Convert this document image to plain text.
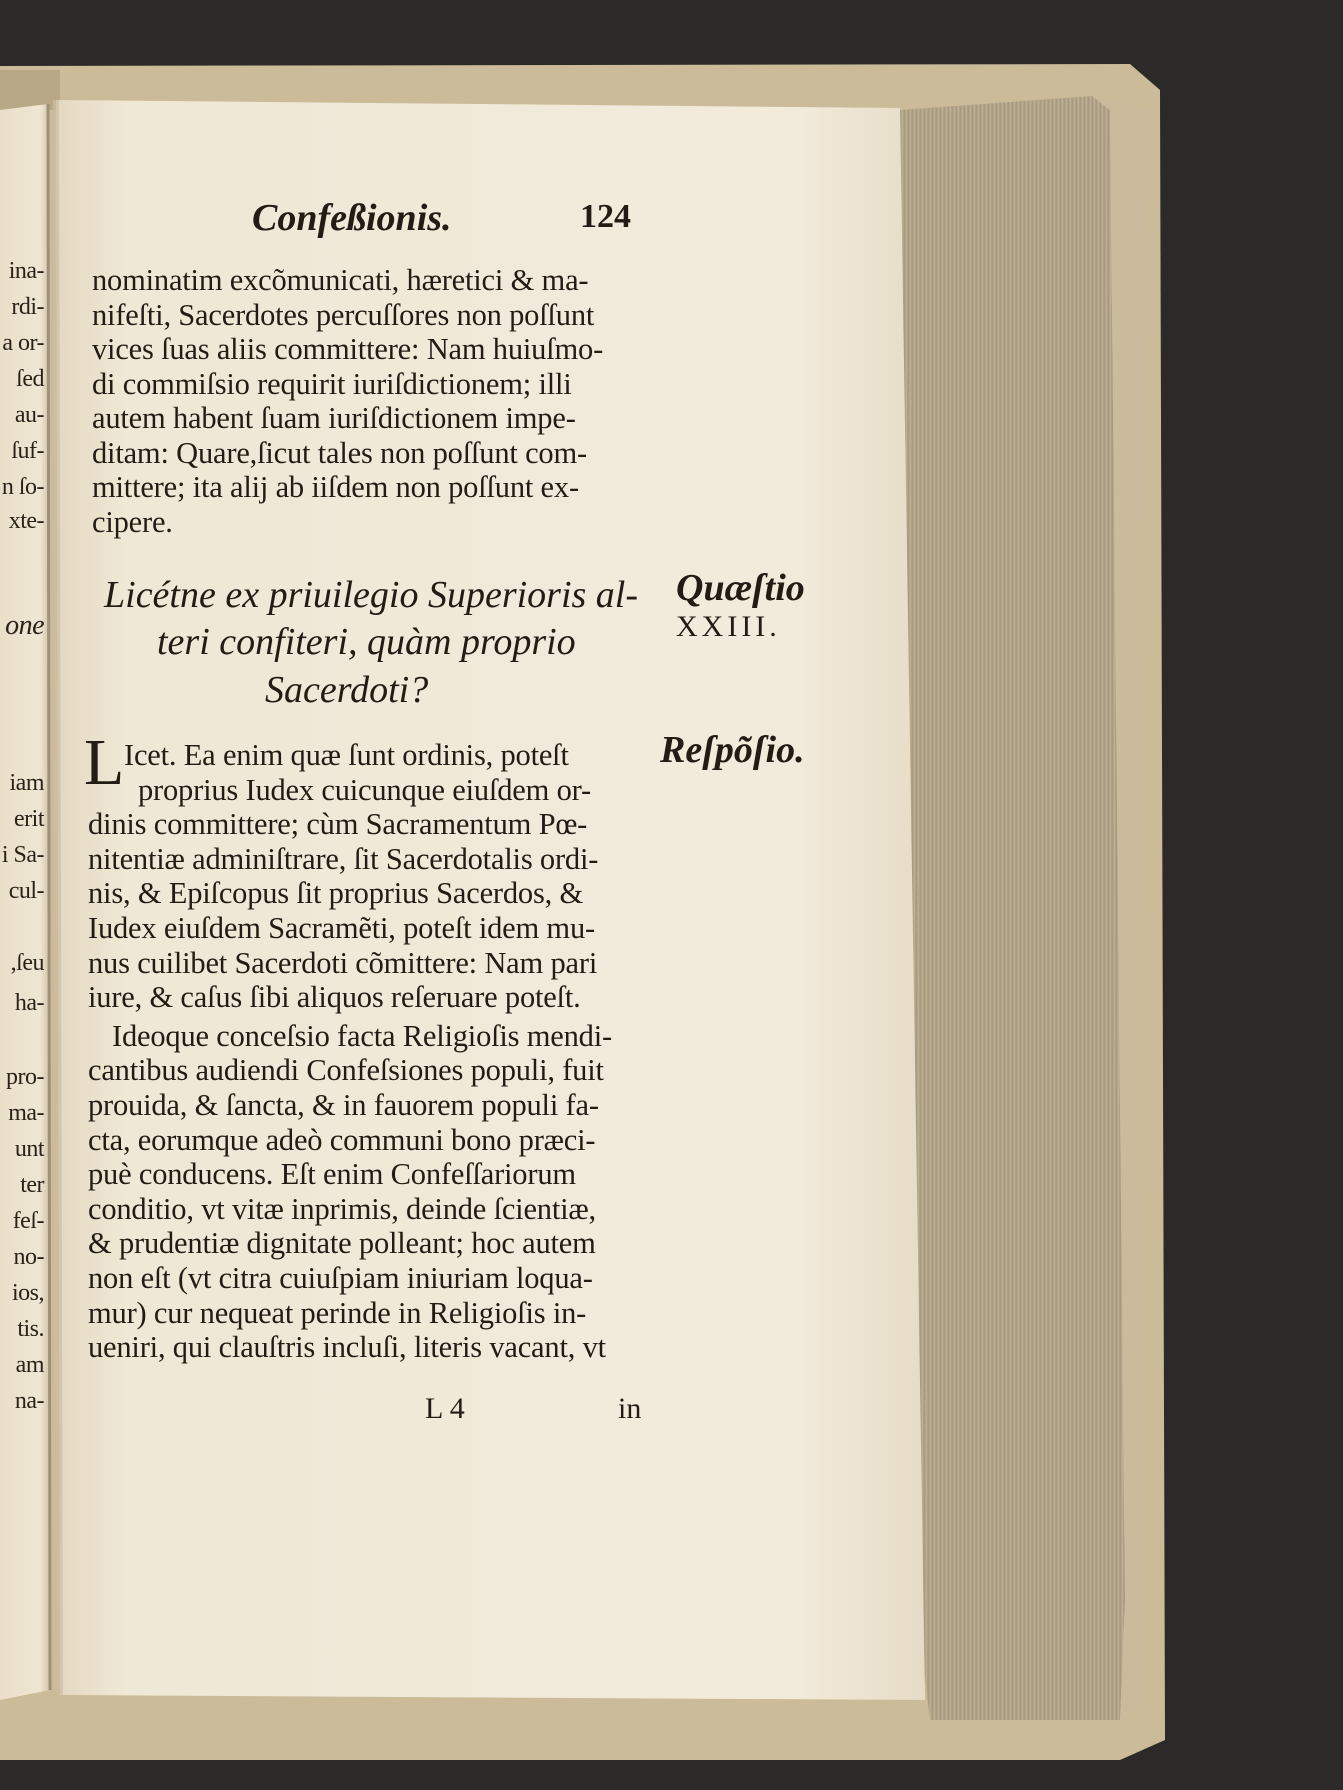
ina-
rdi-
a or-
ſed
au-
ſuf-
n ſo-
xte-
one
iam
erit
i Sa-
cul-
,ſeu
ha-
pro-
ma-
unt
ter
feſ-
no-
ios,
tis.
am
na-
Confeßionis.	124
nominatim excõmunicati, hæretici & ma-
nifeſti, Sacerdotes percuſſores non poſſunt
vices ſuas aliis committere: Nam huiuſmo-
di commiſsio requirit iuriſdictionem; illi
autem habent ſuam iuriſdictionem impe-
ditam: Quare,ſicut tales non poſſunt com-
mittere; ita alij ab iiſdem non poſſunt ex-
cipere.
Licétne ex priuilegio Superioris al-
teri confiteri, quàm proprio
Sacerdoti?
Quæſtio
XXIII.
Reſpõſio.
L Icet. Ea enim quæ ſunt ordinis, poteſt
proprius Iudex cuicunque eiuſdem or-
dinis committere; cùm Sacramentum Pœ-
nitentiæ adminiſtrare, ſit Sacerdotalis ordi-
nis, & Epiſcopus ſit proprius Sacerdos, &
Iudex eiuſdem Sacramẽti, poteſt idem mu-
nus cuilibet Sacerdoti cõmittere: Nam pari
iure, & caſus ſibi aliquos reſeruare poteſt.
Ideoque conceſsio facta Religioſis mendi-
cantibus audiendi Confeſsiones populi, fuit
prouida, & ſancta, & in fauorem populi fa-
cta, eorumque adeò communi bono præci-
puè conducens. Eſt enim Confeſſariorum
conditio, vt vitæ inprimis, deinde ſcientiæ,
& prudentiæ dignitate polleant; hoc autem
non eſt (vt citra cuiuſpiam iniuriam loqua-
mur) cur nequeat perinde in Religioſis in-
ueniri, qui clauſtris incluſi, literis vacant, vt
L 4	in
